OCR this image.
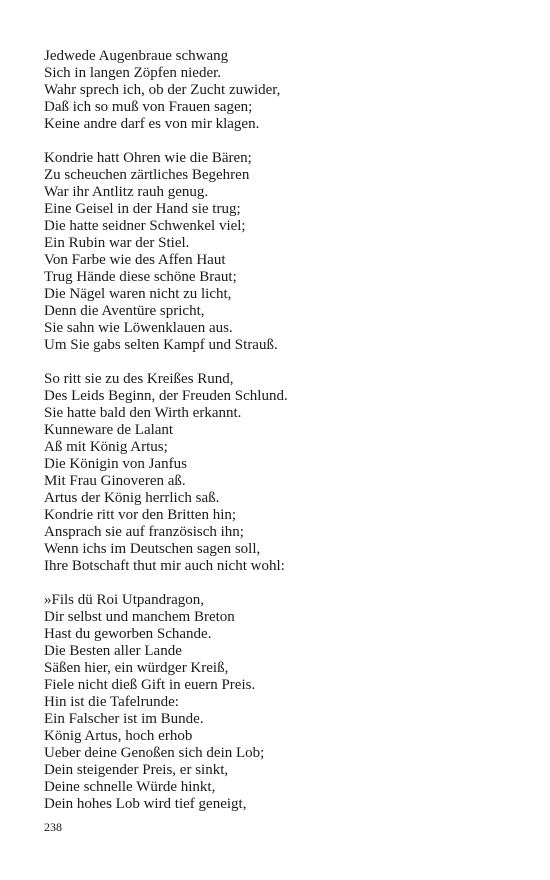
Jedwede Augenbraue schwang
Sich in langen Zöpfen nieder.
Wahr sprech ich, ob der Zucht zuwider,
Daß ich so muß von Frauen sagen;
Keine andre darf es von mir klagen.
Kondrie hatt Ohren wie die Bären;
Zu scheuchen zärtliches Begehren
War ihr Antlitz rauh genug.
Eine Geisel in der Hand sie trug;
Die hatte seidner Schwenkel viel;
Ein Rubin war der Stiel.
Von Farbe wie des Affen Haut
Trug Hände diese schöne Braut;
Die Nägel waren nicht zu licht,
Denn die Aventüre spricht,
Sie sahn wie Löwenklauen aus.
Um Sie gabs selten Kampf und Strauß.
So ritt sie zu des Kreißes Rund,
Des Leids Beginn, der Freuden Schlund.
Sie hatte bald den Wirth erkannt.
Kunneware de Lalant
Aß mit König Artus;
Die Königin von Janfus
Mit Frau Ginoveren aß.
Artus der König herrlich saß.
Kondrie ritt vor den Britten hin;
Ansprach sie auf französisch ihn;
Wenn ichs im Deutschen sagen soll,
Ihre Botschaft thut mir auch nicht wohl:
»Fils dü Roi Utpandragon,
Dir selbst und manchem Breton
Hast du geworben Schande.
Die Besten aller Lande
Säßen hier, ein würdger Kreiß,
Fiele nicht dieß Gift in euern Preis.
Hin ist die Tafelrunde:
Ein Falscher ist im Bunde.
König Artus, hoch erhob
Ueber deine Genoßen sich dein Lob;
Dein steigender Preis, er sinkt,
Deine schnelle Würde hinkt,
Dein hohes Lob wird tief geneigt,
238
